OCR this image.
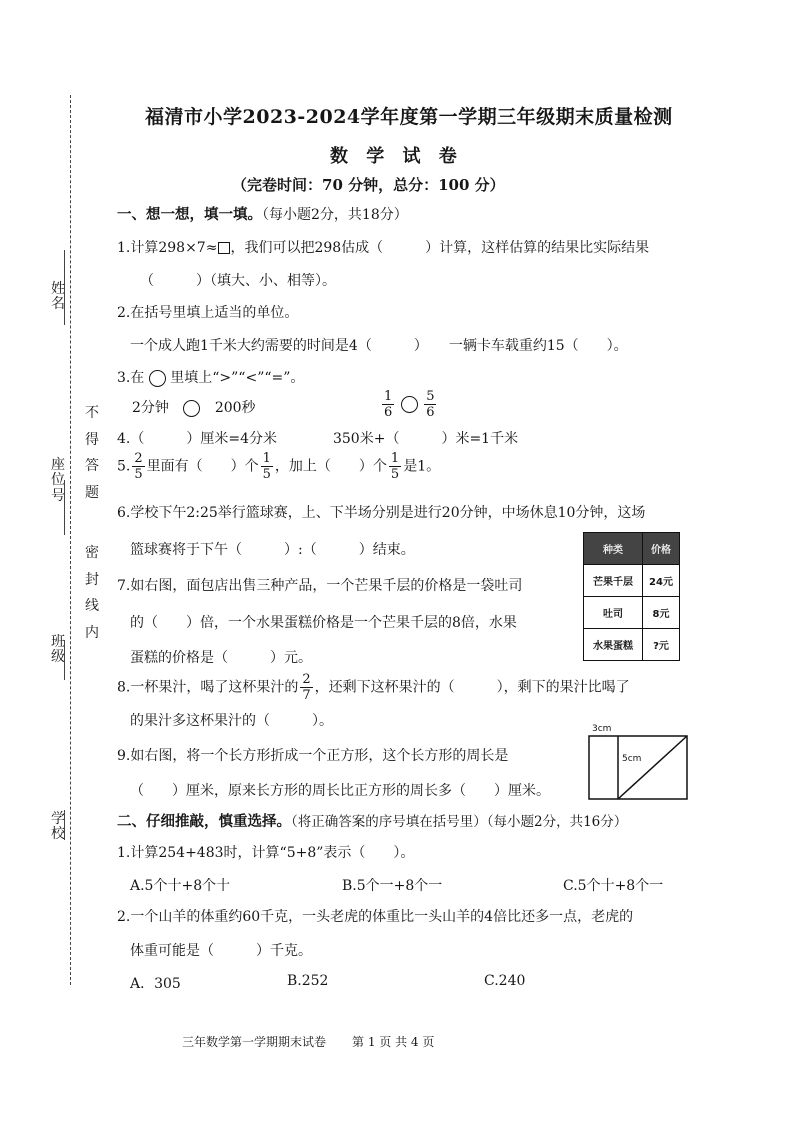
姓名
座位号
班级
学校
不得答题
密封线内
福清市小学2023-2024学年度第一学期三年级期末质量检测
数 学 试 卷
（完卷时间：70 分钟，总分：100 分）
一、想一想，填一填。（每小题2分，共18分）
1.计算298×7≈ ，我们可以把298估成（　　　）计算，这样估算的结果比实际结果
（　　　）（填大、小、相等）。
2.在括号里填上适当的单位。
一个成人跑1千米大约需要的时间是4（　　　）　　一辆卡车载重约15（　　）。
3.在 里填上“>”“<”“=”。
2分钟	200秒	$\frac{1}{6}$
$\frac{5}{6}$
4.（　　　）厘米=4分米　　　　350米+（　　　）米=1千米
5. $\frac{2}{5}$ 里面有（　　）个 $\frac{1}{5}$ ，加上（　　）个 $\frac{1}{5}$ 是1。
6.学校下午2:25举行篮球赛，上、下半场分别是进行20分钟，中场休息10分钟，这场
篮球赛将于下午（　　　）:（　　　）结束。
7.如右图，面包店出售三种产品，一个芒果千层的价格是一袋吐司
的（　　）倍，一个水果蛋糕价格是一个芒果千层的8倍，水果
蛋糕的价格是（　　　）元。
种类	价格
芒果千层	24元
吐司	8元
水果蛋糕	?元
8.一杯果汁，喝了这杯果汁的 $\frac{2}{7}$ ，还剩下这杯果汁的（　　　），剩下的果汁比喝了
的果汁多这杯果汁的（　　　）。
9.如右图，将一个长方形折成一个正方形，这个长方形的周长是
（　　）厘米，原来长方形的周长比正方形的周长多（　　）厘米。
3cm
5cm
二、仔细推敲，慎重选择。（将正确答案的序号填在括号里）（每小题2分，共16分）
1.计算254+483时，计算“5+8”表示（　　）。
A.5个十+8个十	B.5个一+8个一	C.5个十+8个一
2.一个山羊的体重约60千克，一头老虎的体重比一头山羊的4倍比还多一点，老虎的
体重可能是（　　　）千克。
A．305	B.252	C.240
三年数学第一学期期末试卷 第 1 页 共 4 页
